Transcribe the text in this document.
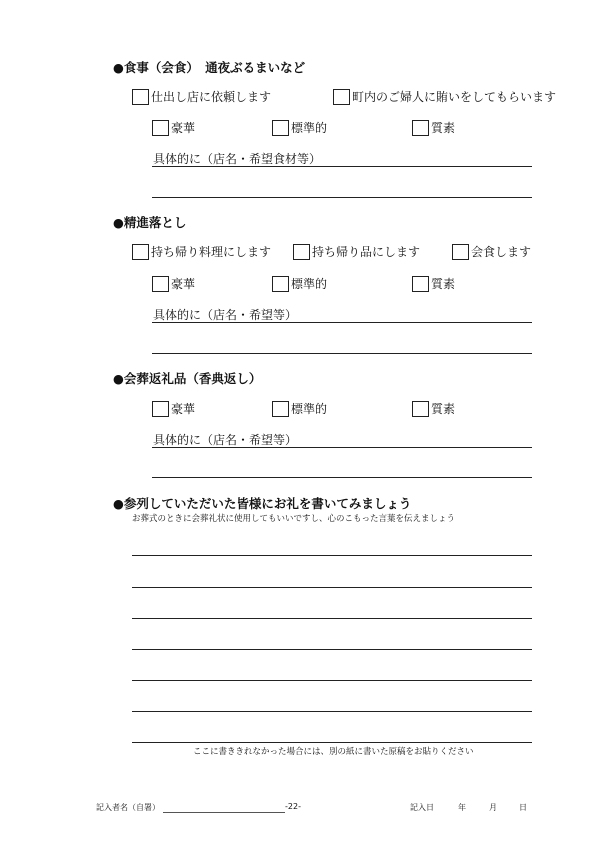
●食事（会食）　通夜ぶるまいなど
仕出し店に依頼します	町内のご婦人に賄いをしてもらいます
豪華	標準的	質素
具体的に（店名・希望食材等）
●精進落とし
持ち帰り料理にします	持ち帰り品にします	会食します
豪華	標準的	質素
具体的に（店名・希望等）
●会葬返礼品（香典返し）
豪華	標準的	質素
具体的に（店名・希望等）
●参列していただいた皆様にお礼を書いてみましょう
お葬式のときに会葬礼状に使用してもいいですし、心のこもった言葉を伝えましょう
ここに書ききれなかった場合には、別の紙に書いた原稿をお貼りください
記入者名（自署）	-22-	記入日	年	月	日
